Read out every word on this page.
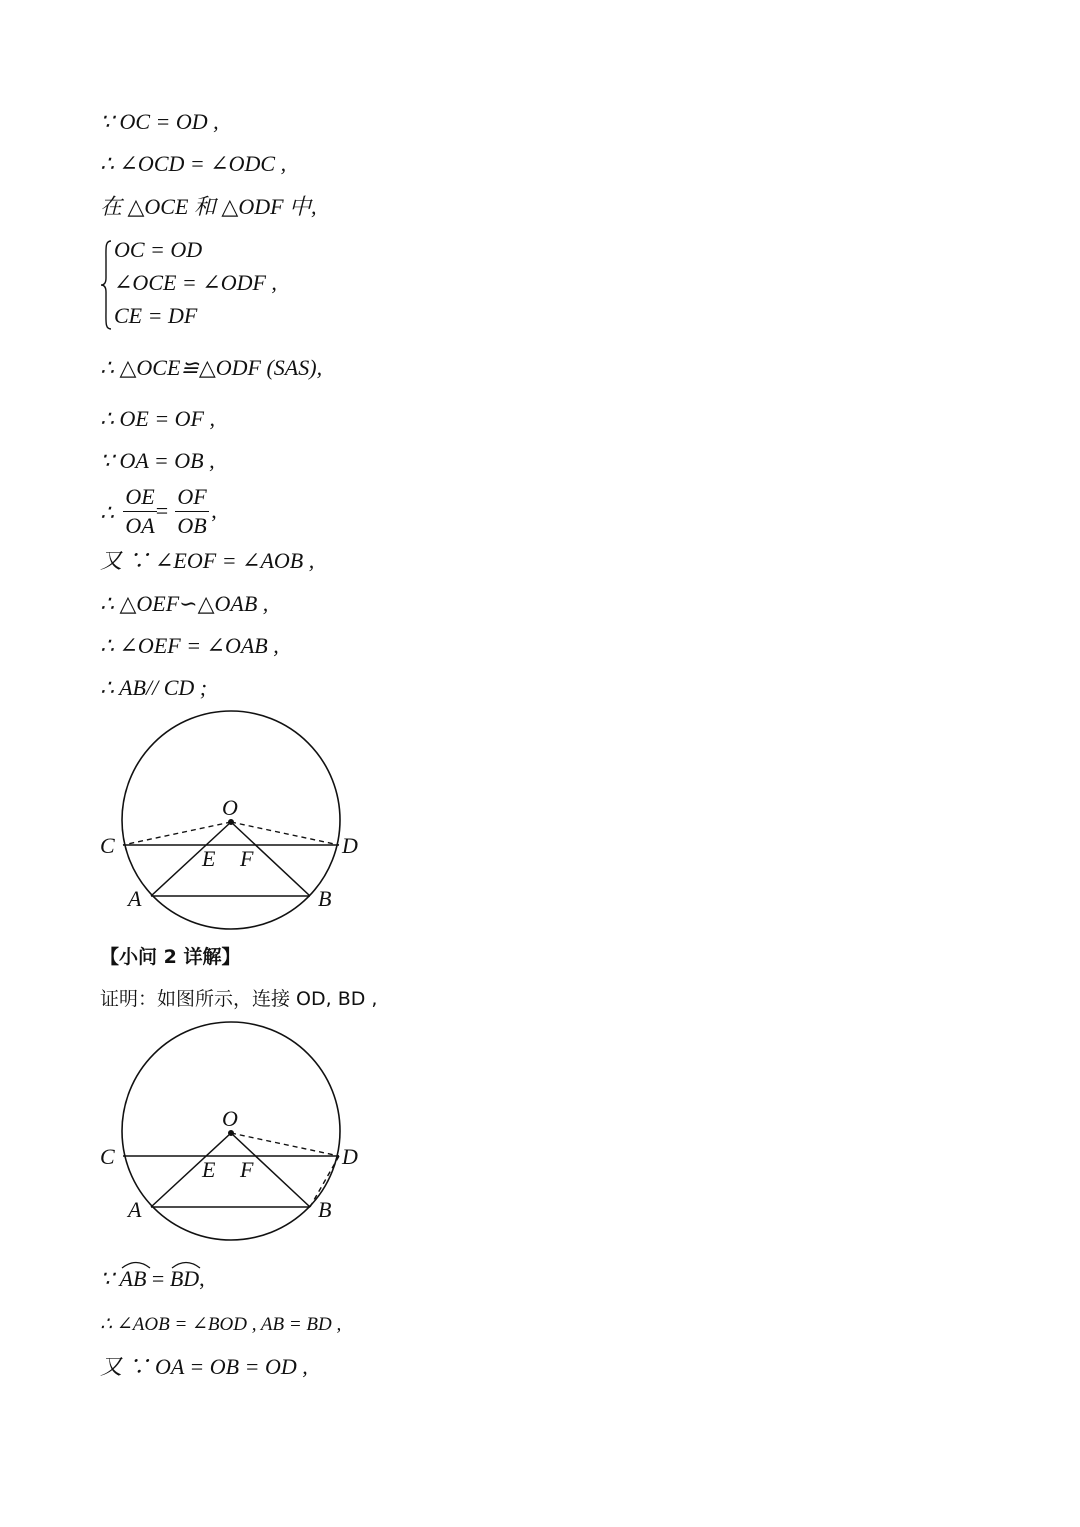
∵ OC = OD ,
∴ ∠OCD = ∠ODC ,
在 △OCE 和 △ODF 中,
OC = OD
∠OCE = ∠ODF ,
CE = DF
∴ △OCE≌△ODF (SAS),
∴ OE = OF ,
∵ OA = OB ,
∴
OE
OA
=
OF
OB
,
又 ∵ ∠EOF = ∠AOB ,
∴ △OEF∽△OAB ,
∴ ∠OEF = ∠OAB ,
∴ AB// CD ;
O
C	D
E F
A	B
【小问 2 详解】
证明：如图所示，连接 OD, BD ,
O
C	D
E F
A	B
∵ AB = BD,
∴ ∠AOB = ∠BOD , AB = BD ,
又 ∵ OA = OB = OD ,
